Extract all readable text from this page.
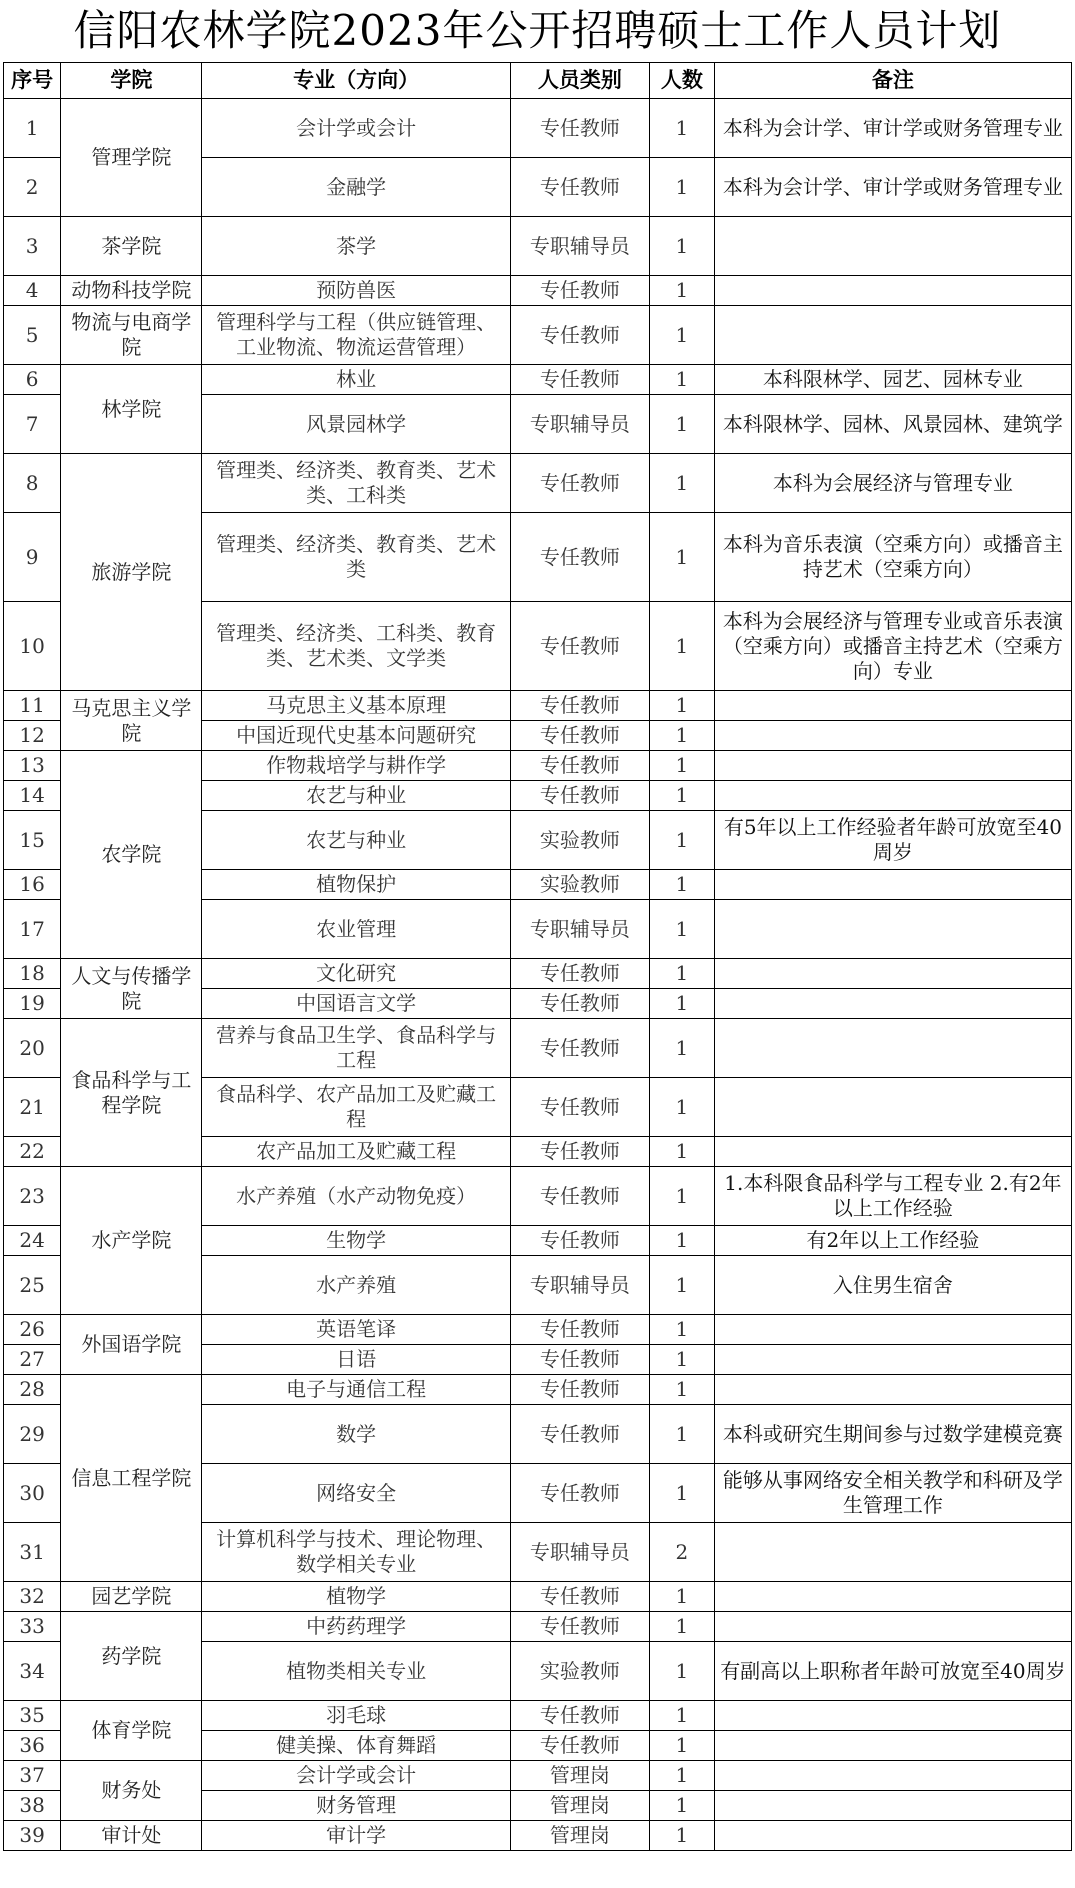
信阳农林学院2023年公开招聘硕士工作人员计划
序号	学院	专业（方向）	人员类别	人数	备注
1	管理学院	会计学或会计	专任教师	1	本科为会计学、审计学或财务管理专业
2		金融学	专任教师	1	本科为会计学、审计学或财务管理专业
3	茶学院	茶学	专职辅导员	1	
4	动物科技学院	预防兽医	专任教师	1	
5	物流与电商学院	管理科学与工程（供应链管理、工业物流、物流运营管理）	专任教师	1	
6	林学院	林业	专任教师	1	本科限林学、园艺、园林专业
7		风景园林学	专职辅导员	1	本科限林学、园林、风景园林、建筑学
8	旅游学院	管理类、经济类、教育类、艺术类、工科类	专任教师	1	本科为会展经济与管理专业
9		管理类、经济类、教育类、艺术类	专任教师	1	本科为音乐表演（空乘方向）或播音主持艺术（空乘方向）
10		管理类、经济类、工科类、教育类、艺术类、文学类	专任教师	1	本科为会展经济与管理专业或音乐表演（空乘方向）或播音主持艺术（空乘方向）专业
11	马克思主义学院	马克思主义基本原理	专任教师	1	
12		中国近现代史基本问题研究	专任教师	1	
13	农学院	作物栽培学与耕作学	专任教师	1	
14		农艺与种业	专任教师	1	
15		农艺与种业	实验教师	1	有5年以上工作经验者年龄可放宽至40周岁
16		植物保护	实验教师	1	
17		农业管理	专职辅导员	1	
18	人文与传播学院	文化研究	专任教师	1	
19		中国语言文学	专任教师	1	
20	食品科学与工程学院	营养与食品卫生学、食品科学与工程	专任教师	1	
21		食品科学、农产品加工及贮藏工程	专任教师	1	
22		农产品加工及贮藏工程	专任教师	1	
23	水产学院	水产养殖（水产动物免疫）	专任教师	1	1.本科限食品科学与工程专业 2.有2年以上工作经验
24		生物学	专任教师	1	有2年以上工作经验
25		水产养殖	专职辅导员	1	入住男生宿舍
26	外国语学院	英语笔译	专任教师	1	
27		日语	专任教师	1	
28	信息工程学院	电子与通信工程	专任教师	1	
29		数学	专任教师	1	本科或研究生期间参与过数学建模竞赛
30		网络安全	专任教师	1	能够从事网络安全相关教学和科研及学生管理工作
31		计算机科学与技术、理论物理、数学相关专业	专职辅导员	2	
32	园艺学院	植物学	专任教师	1	
33	药学院	中药药理学	专任教师	1	
34		植物类相关专业	实验教师	1	有副高以上职称者年龄可放宽至40周岁
35	体育学院	羽毛球	专任教师	1	
36		健美操、体育舞蹈	专任教师	1	
37	财务处	会计学或会计	管理岗	1	
38		财务管理	管理岗	1	
39	审计处	审计学	管理岗	1	
